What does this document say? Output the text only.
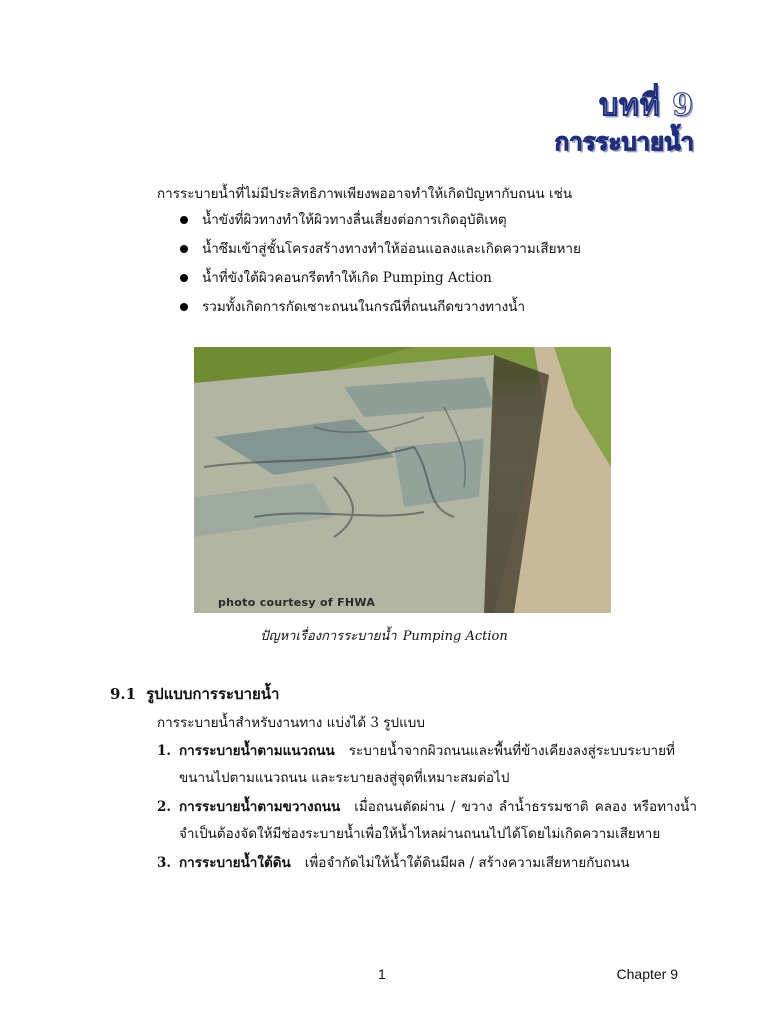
บทที่ 9
การระบายน้ำ
การระบายน้ำที่ไม่มีประสิทธิภาพเพียงพออาจทำให้เกิดปัญหากับถนน เช่น
น้ำขังที่ผิวทางทำให้ผิวทางลื่นเสี่ยงต่อการเกิดอุบัติเหตุ
น้ำซึมเข้าสู่ชั้นโครงสร้างทางทำให้อ่อนแอลงและเกิดความเสียหาย
น้ำที่ขังใต้ผิวคอนกรีตทำให้เกิด Pumping Action
รวมทั้งเกิดการกัดเซาะถนนในกรณีที่ถนนกีดขวางทางน้ำ
photo courtesy of FHWA
ปัญหาเรื่องการระบายน้ำ Pumping Action
9.1 รูปแบบการระบายน้ำ
การระบายน้ำสำหรับงานทาง แบ่งได้ 3 รูปแบบ
1. การระบายน้ำตามแนวถนน ระบายน้ำจากผิวถนนและพื้นที่ข้างเคียงลงสู่ระบบระบายที่ขนานไปตามแนวถนน และระบายลงสู่จุดที่เหมาะสมต่อไป
2. การระบายน้ำตามขวางถนน เมื่อถนนตัดผ่าน / ขวาง ลำน้ำธรรมชาติ คลอง หรือทางน้ำจำเป็นต้องจัดให้มีช่องระบายน้ำเพื่อให้น้ำไหลผ่านถนนไปได้โดยไม่เกิดความเสียหาย
3. การระบายน้ำใต้ดิน เพื่อจำกัดไม่ให้น้ำใต้ดินมีผล / สร้างความเสียหายกับถนน
1	Chapter 9
